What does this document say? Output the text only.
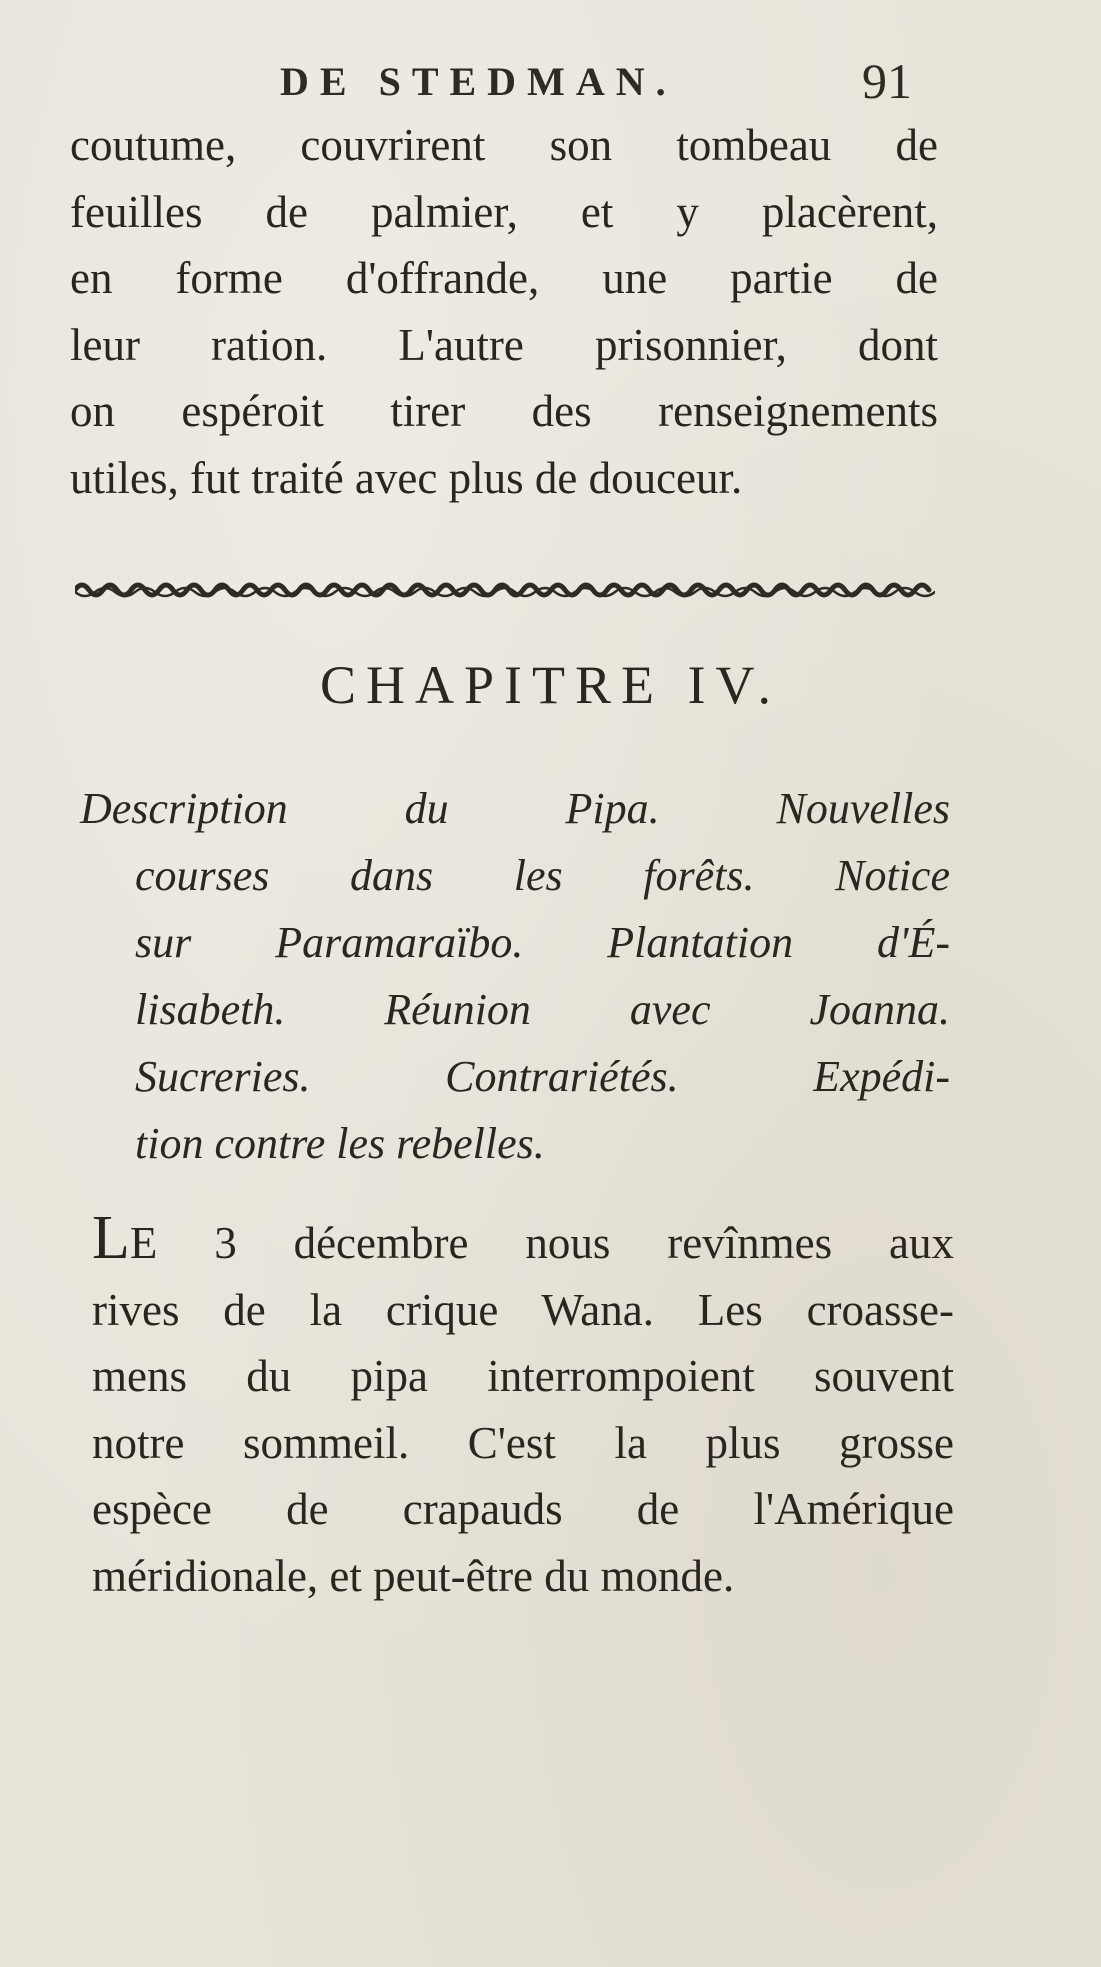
DE STEDMAN.	91
coutume, couvrirent son tombeau de
feuilles de palmier, et y placèrent,
en forme d'offrande, une partie de
leur ration. L'autre prisonnier, dont
on espéroit tirer des renseignements
utiles, fut traité avec plus de douceur.
CHAPITRE IV.
Description du Pipa. Nouvelles
courses dans les forêts. Notice
sur Paramaraïbo. Plantation d'É-
lisabeth. Réunion avec Joanna.
Sucreries. Contrariétés. Expédi-
tion contre les rebelles.
LE 3 décembre nous revînmes aux
rives de la crique Wana. Les croasse-
mens du pipa interrompoient souvent
notre sommeil. C'est la plus grosse
espèce de crapauds de l'Amérique
méridionale, et peut-être du monde.
